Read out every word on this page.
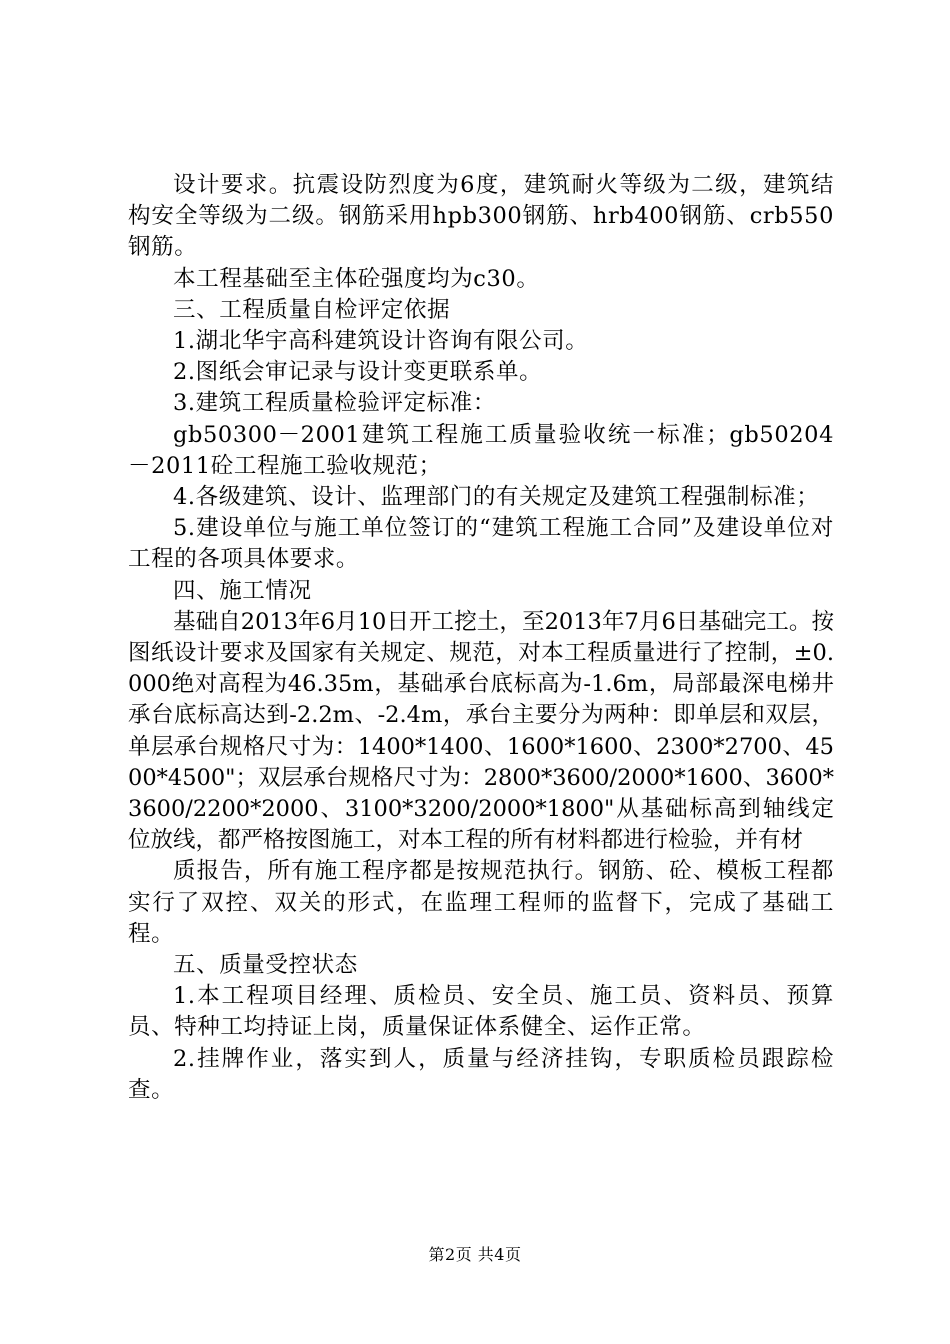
设计要求。抗震设防烈度为6度，建筑耐火等级为二级，建筑结构安全等级为二级。钢筋采用hpb300钢筋、hrb400钢筋、crb550钢筋。

本工程基础至主体砼强度均为c30。

三、工程质量自检评定依据

1.湖北华宇高科建筑设计咨询有限公司。

2.图纸会审记录与设计变更联系单。

3.建筑工程质量检验评定标准：

gb50300－2001建筑工程施工质量验收统一标准；gb50204－2011砼工程施工验收规范；

4.各级建筑、设计、监理部门的有关规定及建筑工程强制标准；

5.建设单位与施工单位签订的“建筑工程施工合同”及建设单位对工程的各项具体要求。

四、施工情况

基础自2013年6月10日开工挖土，至2013年7月6日基础完工。按图纸设计要求及国家有关规定、规范，对本工程质量进行了控制，±0.000绝对高程为46.35m，基础承台底标高为-1.6m，局部最深电梯井承台底标高达到-2.2m、-2.4m，承台主要分为两种：即单层和双层，单层承台规格尺寸为：1400*1400、1600*1600、2300*2700、4500*4500"；双层承台规格尺寸为：2800*3600/2000*1600、3600*3600/2200*2000、3100*3200/2000*1800"从基础标高到轴线定位放线，都严格按图施工，对本工程的所有材料都进行检验，并有材

质报告，所有施工程序都是按规范执行。钢筋、砼、模板工程都实行了双控、双关的形式，在监理工程师的监督下，完成了基础工程。

五、质量受控状态

1.本工程项目经理、质检员、安全员、施工员、资料员、预算员、特种工均持证上岗，质量保证体系健全、运作正常。

2.挂牌作业，落实到人，质量与经济挂钩，专职质检员跟踪检查。

第2页 共4页
